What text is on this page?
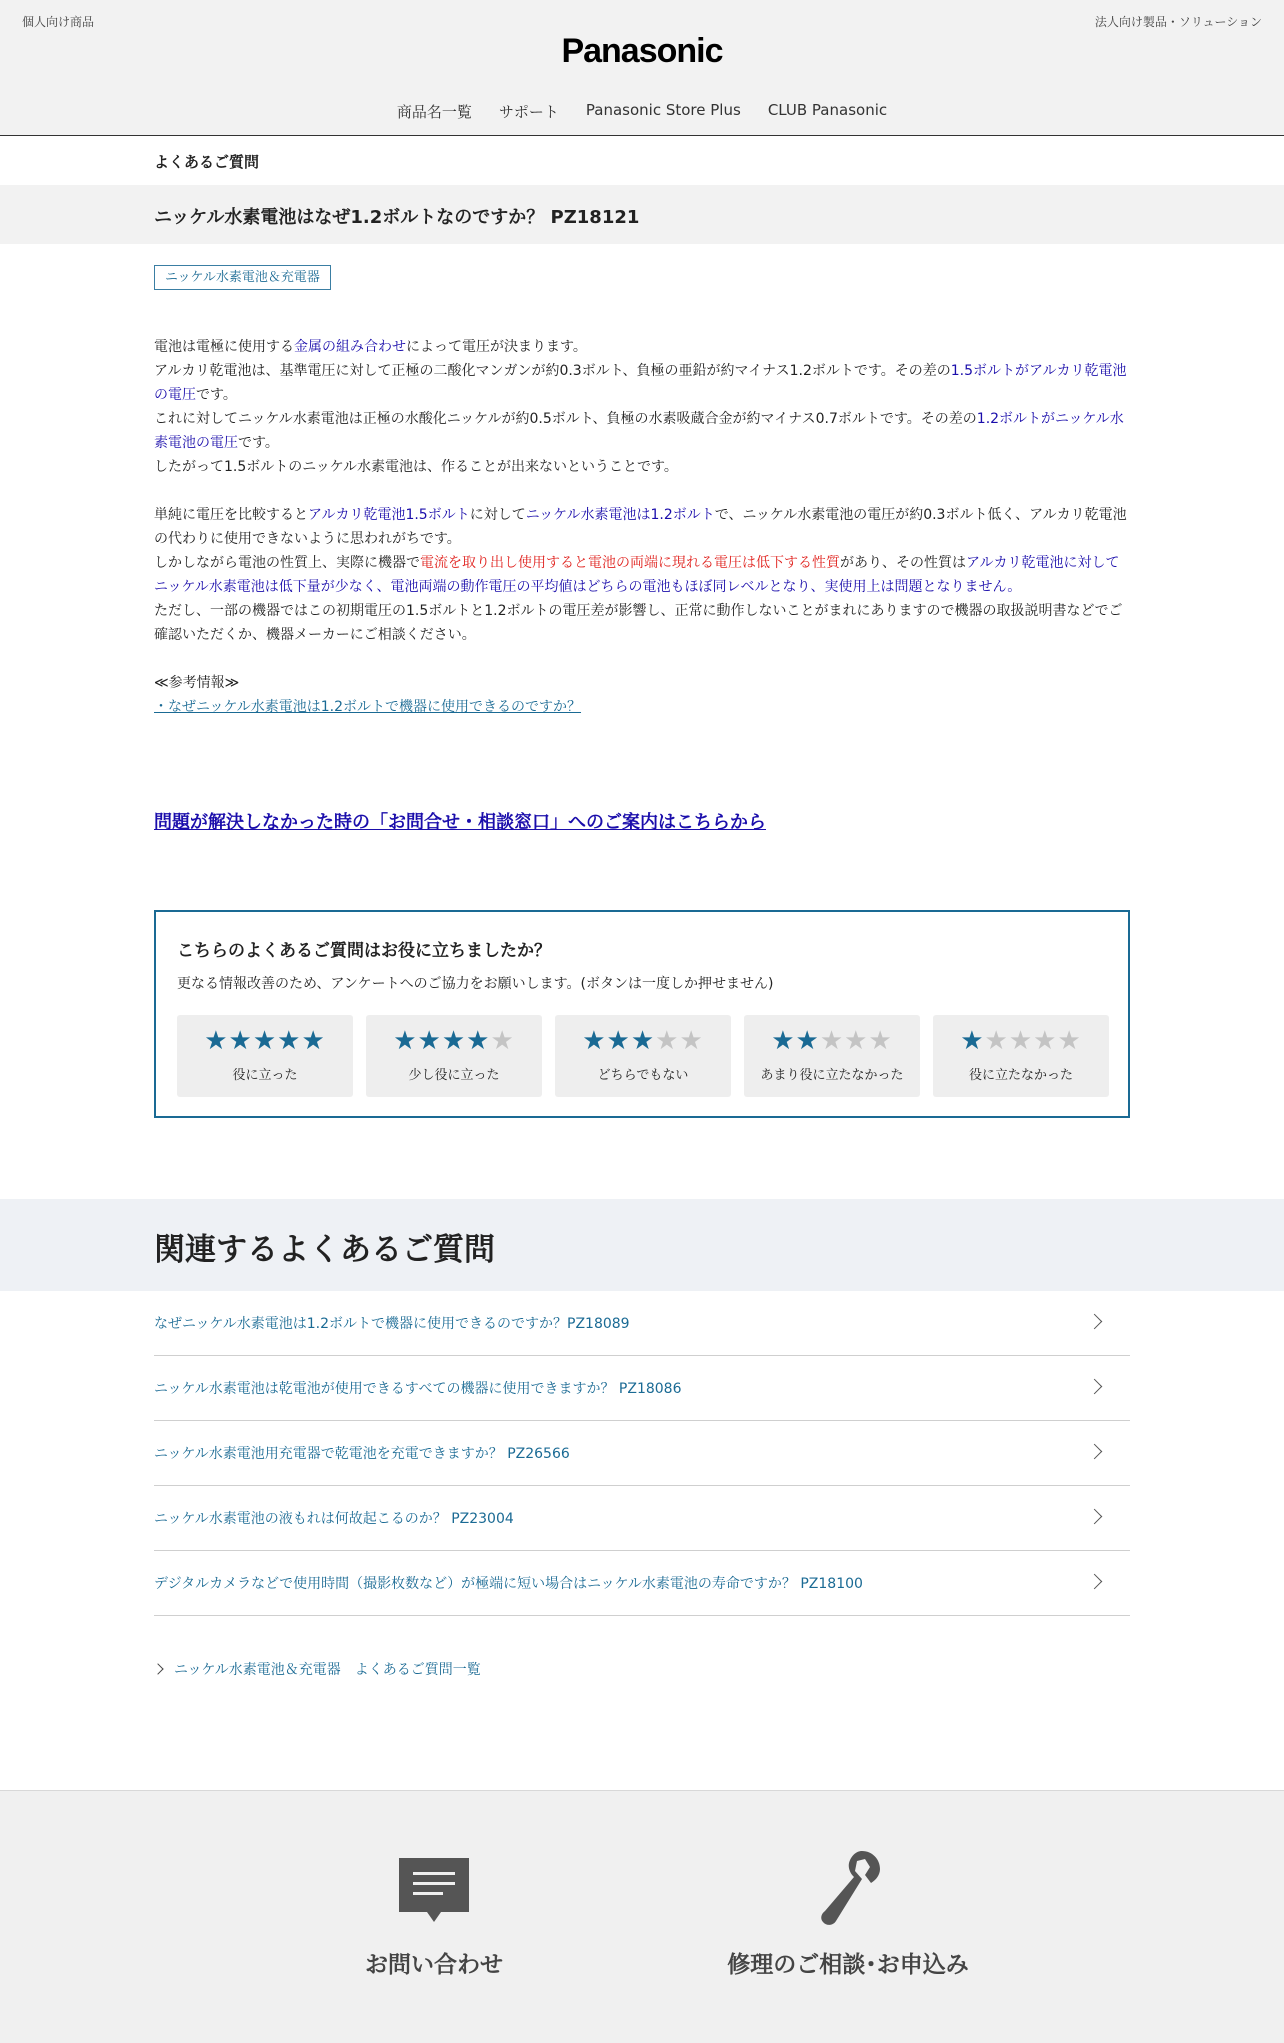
個人向け商品	法人向け製品・ソリューション
Panasonic
商品名一覧 サポート Panasonic Store Plus CLUB Panasonic
よくあるご質問
ニッケル水素電池はなぜ1.2ボルトなのですか？ PZ18121
ニッケル水素電池＆充電器

電池は電極に使用する金属の組み合わせによって電圧が決まります。

アルカリ乾電池は、基準電圧に対して正極の二酸化マンガンが約0.3ボルト、負極の亜鉛が約マイナス1.2ボルトです。その差の1.5ボルトがアルカリ乾電池の電圧です。

これに対してニッケル水素電池は正極の水酸化ニッケルが約0.5ボルト、負極の水素吸蔵合金が約マイナス0.7ボルトです。その差の1.2ボルトがニッケル水素電池の電圧です。

したがって1.5ボルトのニッケル水素電池は、作ることが出来ないということです。

単純に電圧を比較するとアルカリ乾電池1.5ボルトに対してニッケル水素電池は1.2ボルトで、ニッケル水素電池の電圧が約0.3ボルト低く、アルカリ乾電池の代わりに使用できないように思われがちです。

しかしながら電池の性質上、実際に機器で電流を取り出し使用すると電池の両端に現れる電圧は低下する性質があり、その性質はアルカリ乾電池に対してニッケル水素電池は低下量が少なく、電池両端の動作電圧の平均値はどちらの電池もほぼ同レベルとなり、実使用上は問題となりません。

ただし、一部の機器ではこの初期電圧の1.5ボルトと1.2ボルトの電圧差が影響し、正常に動作しないことがまれにありますので機器の取扱説明書などでご確認いただくか、機器メーカーにご相談ください。

≪参考情報≫

・なぜニッケル水素電池は1.2ボルトで機器に使用できるのですか？

問題が解決しなかった時の「お問合せ・相談窓口」へのご案内はこちらから
こちらのよくあるご質問はお役に立ちましたか？
更なる情報改善のため、アンケートへのご協力をお願いします。(ボタンは一度しか押せません)
★★★★★
役に立った
★★★★★
少し役に立った
★★★★★
どちらでもない
★★★★★
あまり役に立たなかった
★★★★★
役に立たなかった
関連するよくあるご質問
なぜニッケル水素電池は1.2ボルトで機器に使用できるのですか？PZ18089
ニッケル水素電池は乾電池が使用できるすべての機器に使用できますか？ PZ18086
ニッケル水素電池用充電器で乾電池を充電できますか？ PZ26566
ニッケル水素電池の液もれは何故起こるのか？ PZ23004
デジタルカメラなどで使用時間（撮影枚数など）が極端に短い場合はニッケル水素電池の寿命ですか？ PZ18100
ニッケル水素電池＆充電器　よくあるご質問一覧
お問い合わせ	修理のご相談･お申込み
